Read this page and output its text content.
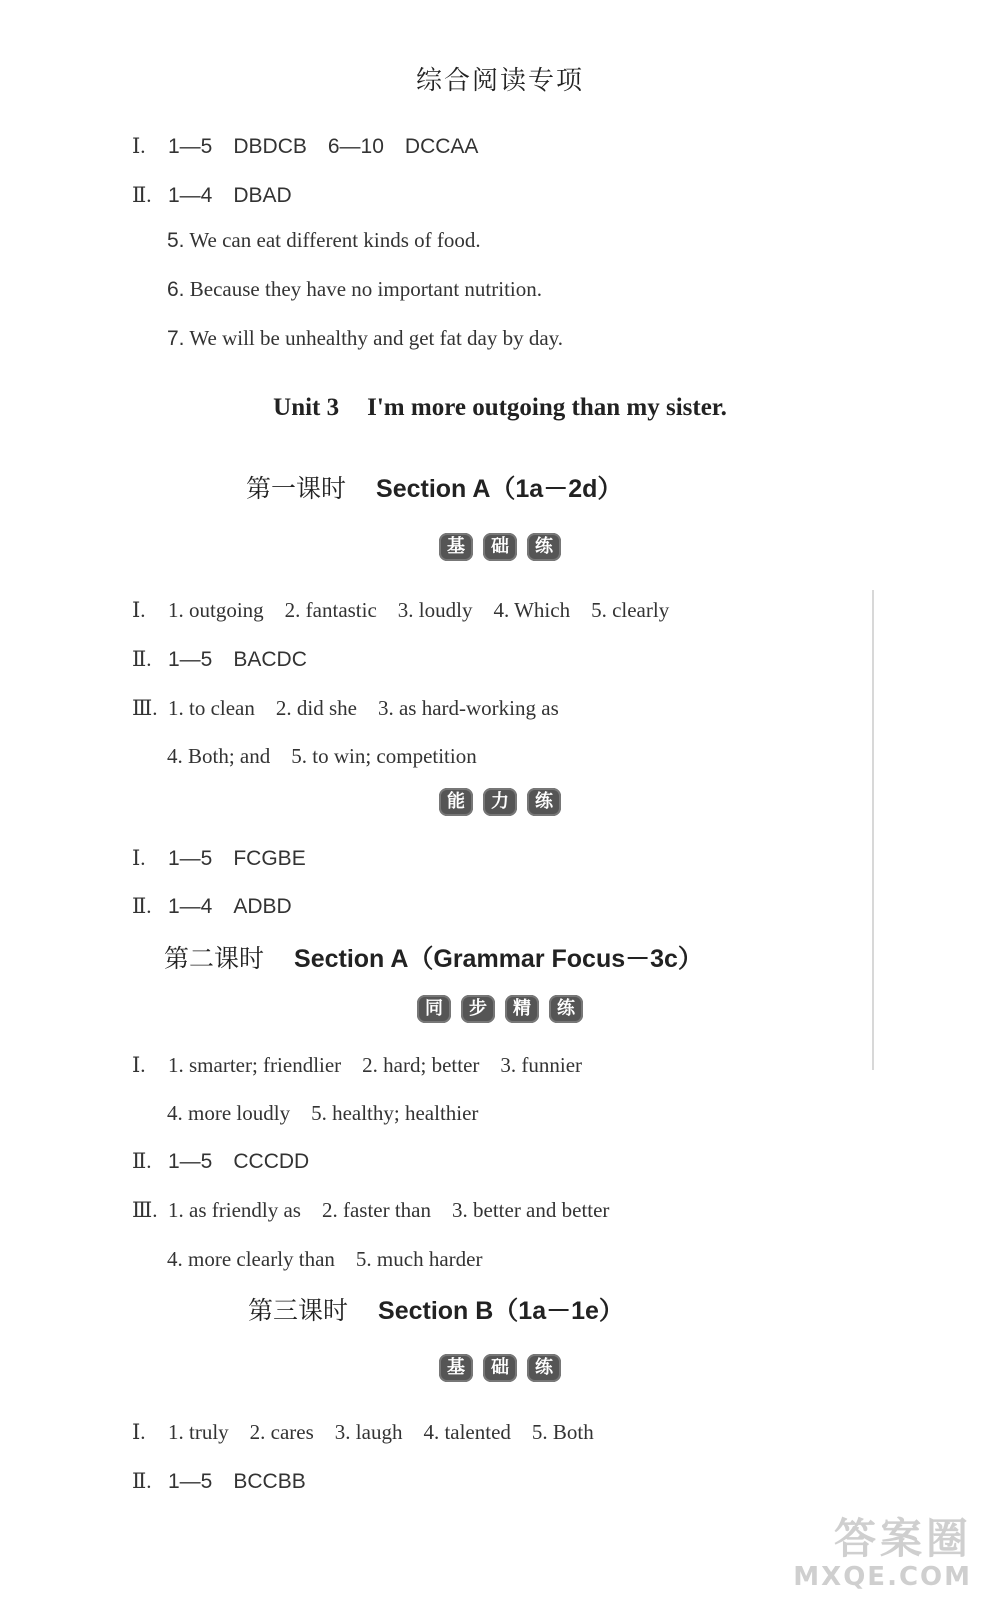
综合阅读专项
Ⅰ. 1—5　DBDCB　6—10　DCCAA
Ⅱ. 1—4　DBAD
5. We can eat different kinds of food.
6. Because they have no important nutrition.
7. We will be unhealthy and get fat day by day.
Unit 3 I'm more outgoing than my sister.
第一课时 Section A（1a－2d）
基 础 练
Ⅰ. 1. outgoing　2. fantastic　3. loudly　4. Which　5. clearly
Ⅱ. 1—5　BACDC
Ⅲ. 1. to clean　2. did she　3. as hard-working as
4. Both; and　5. to win; competition
能 力 练
Ⅰ. 1—5　FCGBE
Ⅱ. 1—4　ADBD
第二课时 Section A（Grammar Focus－3c）
同 步 精 练
Ⅰ. 1. smarter; friendlier　2. hard; better　3. funnier
4. more loudly　5. healthy; healthier
Ⅱ. 1—5　CCCDD
Ⅲ. 1. as friendly as　2. faster than　3. better and better
4. more clearly than　5. much harder
第三课时 Section B（1a－1e）
基 础 练
Ⅰ. 1. truly　2. cares　3. laugh　4. talented　5. Both
Ⅱ. 1—5　BCCBB
答案圈
MXQE.COM
